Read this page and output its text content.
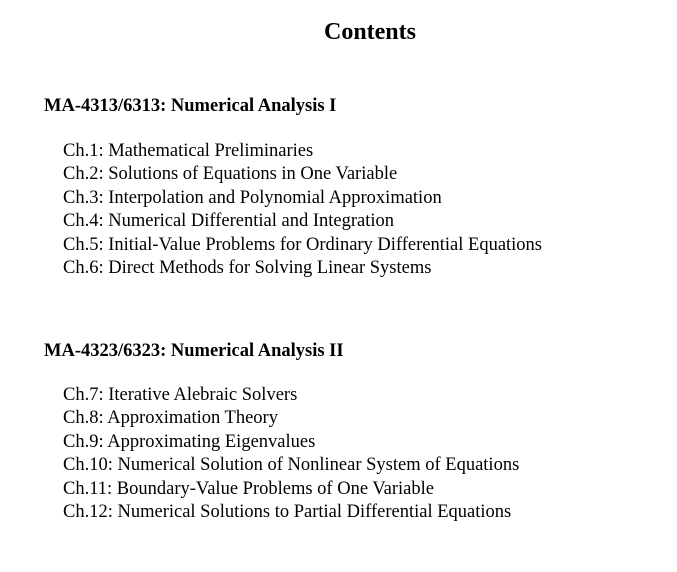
Contents
MA-4313/6313: Numerical Analysis I
Ch.1: Mathematical Preliminaries
Ch.2: Solutions of Equations in One Variable
Ch.3: Interpolation and Polynomial Approximation
Ch.4: Numerical Differential and Integration
Ch.5: Initial-Value Problems for Ordinary Differential Equations
Ch.6: Direct Methods for Solving Linear Systems
MA-4323/6323: Numerical Analysis II
Ch.7: Iterative Alebraic Solvers
Ch.8: Approximation Theory
Ch.9: Approximating Eigenvalues
Ch.10: Numerical Solution of Nonlinear System of Equations
Ch.11: Boundary-Value Problems of One Variable
Ch.12: Numerical Solutions to Partial Differential Equations
